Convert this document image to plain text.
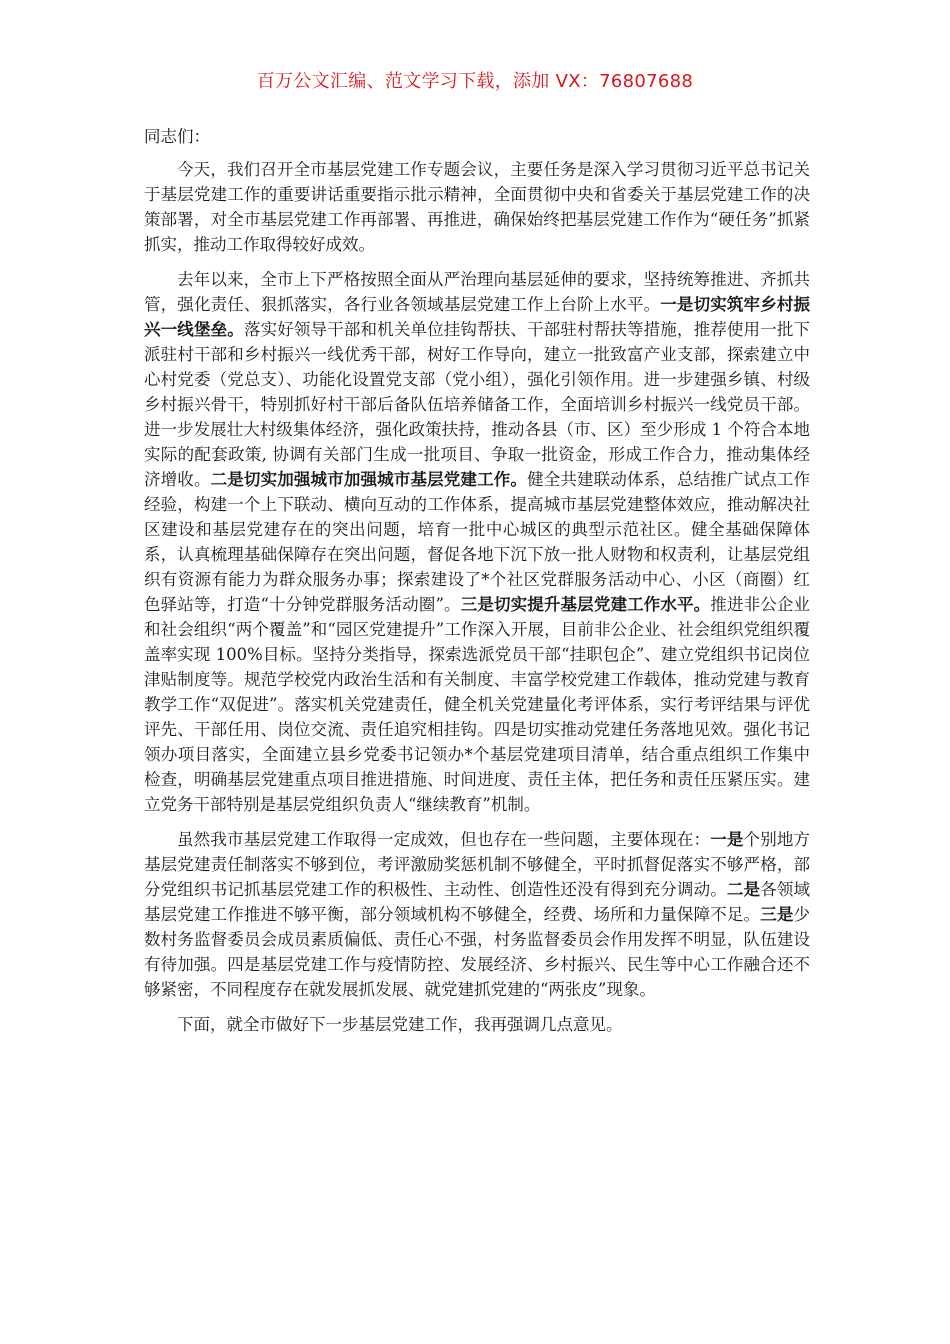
百万公文汇编、范文学习下载，添加 VX：76807688

同志们：

今天，我们召开全市基层党建工作专题会议，主要任务是深入学习贯彻习近平总书记关于基层党建工作的重要讲话重要指示批示精神，全面贯彻中央和省委关于基层党建工作的决策部署，对全市基层党建工作再部署、再推进，确保始终把基层党建工作作为“硬任务”抓紧抓实，推动工作取得较好成效。

去年以来，全市上下严格按照全面从严治理向基层延伸的要求，坚持统筹推进、齐抓共管，强化责任、狠抓落实，各行业各领域基层党建工作上台阶上水平。一是切实筑牢乡村振兴一线堡垒。落实好领导干部和机关单位挂钩帮扶、干部驻村帮扶等措施，推荐使用一批下派驻村干部和乡村振兴一线优秀干部，树好工作导向，建立一批致富产业支部，探索建立中心村党委（党总支）、功能化设置党支部（党小组），强化引领作用。进一步建强乡镇、村级乡村振兴骨干，特别抓好村干部后备队伍培养储备工作，全面培训乡村振兴一线党员干部。进一步发展壮大村级集体经济，强化政策扶持，推动各县（市、区）至少形成 1 个符合本地实际的配套政策, 协调有关部门生成一批项目、争取一批资金，形成工作合力，推动集体经济增收。二是切实加强城市加强城市基层党建工作。健全共建联动体系，总结推广试点工作经验，构建一个上下联动、横向互动的工作体系，提高城市基层党建整体效应，推动解决社区建设和基层党建存在的突出问题，培育一批中心城区的典型示范社区。健全基础保障体系，认真梳理基础保障存在突出问题，督促各地下沉下放一批人财物和权责利，让基层党组织有资源有能力为群众服务办事；探索建设了*个社区党群服务活动中心、小区（商圈）红色驿站等，打造“十分钟党群服务活动圈”。三是切实提升基层党建工作水平。推进非公企业和社会组织“两个覆盖”和“园区党建提升”工作深入开展，目前非公企业、社会组织党组织覆盖率实现 100%目标。坚持分类指导，探索选派党员干部“挂职包企”、建立党组织书记岗位津贴制度等。规范学校党内政治生活和有关制度、丰富学校党建工作载体，推动党建与教育教学工作“双促进”。落实机关党建责任，健全机关党建量化考评体系，实行考评结果与评优评先、干部任用、岗位交流、责任追究相挂钩。四是切实推动党建任务落地见效。强化书记领办项目落实，全面建立县乡党委书记领办*个基层党建项目清单，结合重点组织工作集中检查，明确基层党建重点项目推进措施、时间进度、责任主体，把任务和责任压紧压实。建立党务干部特别是基层党组织负责人“继续教育”机制。

虽然我市基层党建工作取得一定成效，但也存在一些问题，主要体现在：一是个别地方基层党建责任制落实不够到位，考评激励奖惩机制不够健全，平时抓督促落实不够严格，部分党组织书记抓基层党建工作的积极性、主动性、创造性还没有得到充分调动。二是各领域基层党建工作推进不够平衡，部分领域机构不够健全，经费、场所和力量保障不足。三是少数村务监督委员会成员素质偏低、责任心不强，村务监督委员会作用发挥不明显，队伍建设有待加强。四是基层党建工作与疫情防控、发展经济、乡村振兴、民生等中心工作融合还不够紧密，不同程度存在就发展抓发展、就党建抓党建的“两张皮”现象。

下面，就全市做好下一步基层党建工作，我再强调几点意见。
